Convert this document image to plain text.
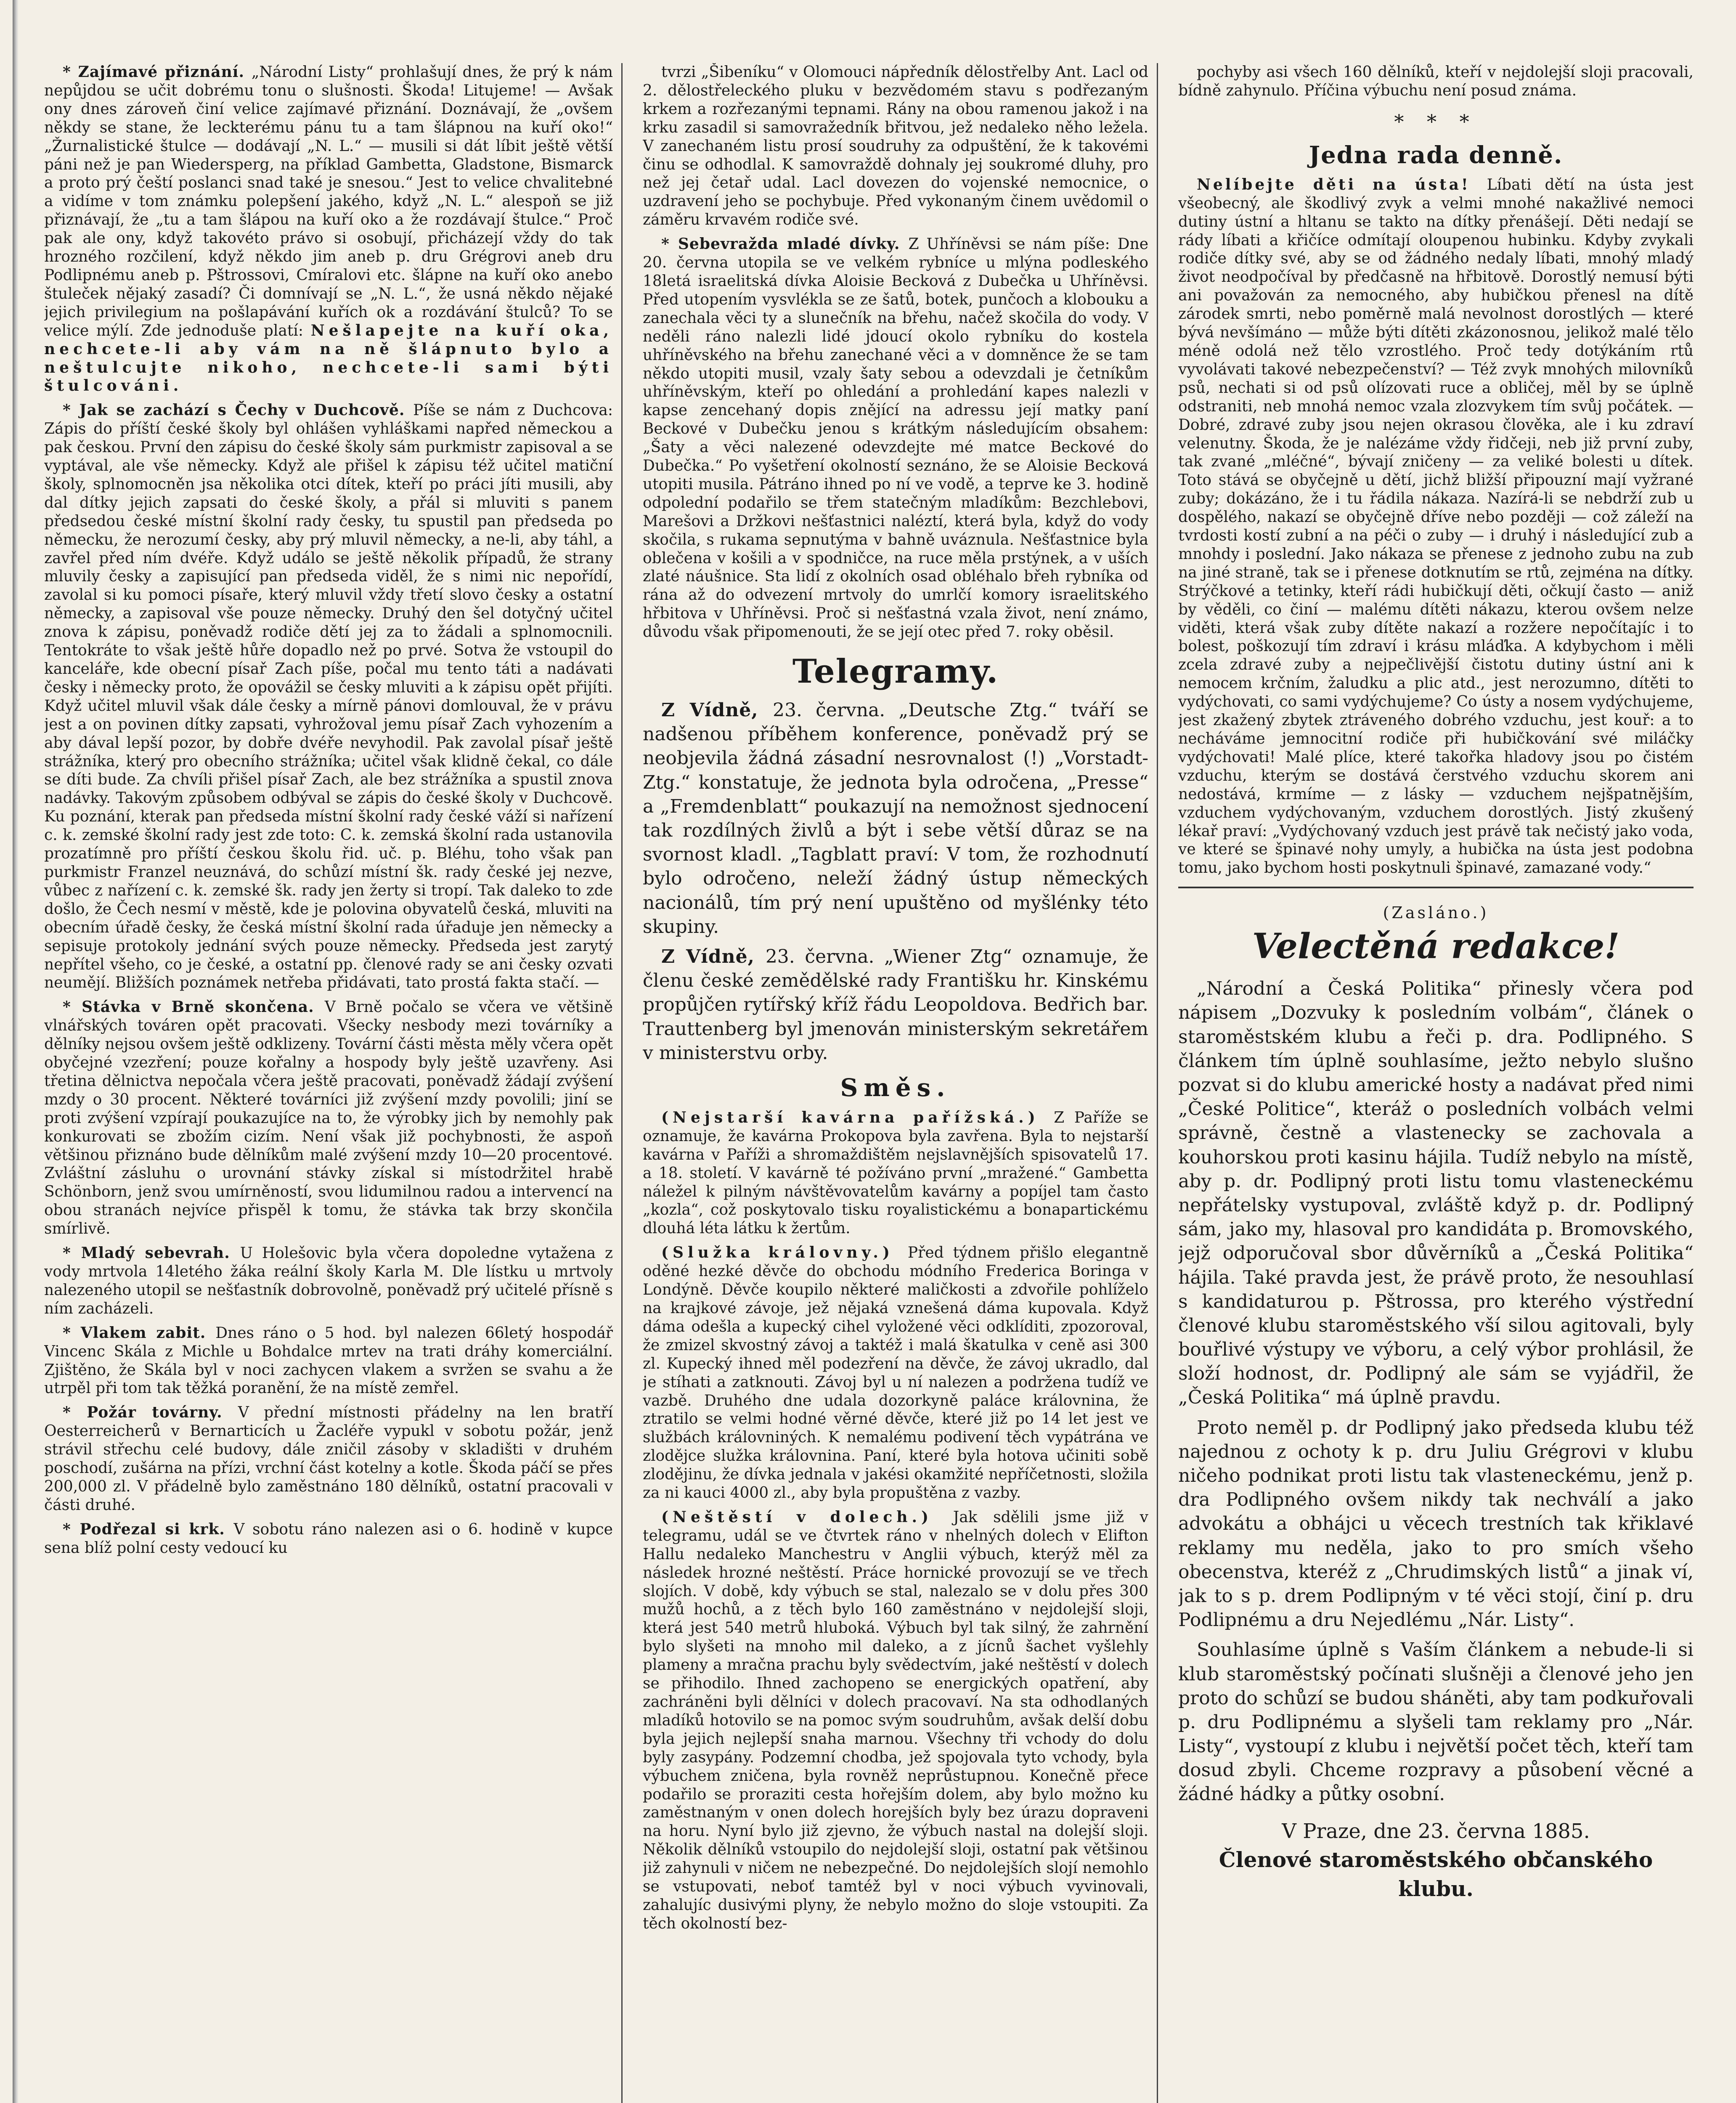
* Zajímavé přiznání. „Národní Listy“ prohlašují dnes, že prý k nám nepůjdou se učit dobrému tonu o slušnosti. Škoda! Litujeme! — Avšak ony dnes zároveň činí velice zajímavé přiznání. Doznávají, že „ovšem někdy se stane, že leckterému pánu tu a tam šlápnou na kuří oko!“ „Žurnalistické štulce — dodávají „N. L.“ — musili si dát líbit ještě větší páni než je pan Wiedersperg, na příklad Gambetta, Gladstone, Bismarck a proto prý čeští poslanci snad také je snesou.“ Jest to velice chvalitebné a vidíme v tom známku polepšení jakého, když „N. L.“ alespoň se již přiznávají, že „tu a tam šlápou na kuří oko a že rozdávají štulce.“ Proč pak ale ony, když takovéto právo si osobují, přicházejí vždy do tak hrozného rozčilení, když někdo jim aneb p. dru Grégrovi aneb dru Podlipnému aneb p. Pštrossovi, Cmíralovi etc. šlápne na kuří oko anebo štuleček nějaký zasadí? Či domnívají se „N. L.“, že usná někdo nějaké jejich privilegium na pošlapávání kuřích ok a rozdávání štulců? To se velice mýlí. Zde jednoduše platí: Nešlapejte na kuří oka, nechcete-li aby vám na ně šlápnuto bylo a neštulcujte nikoho, nechcete-li sami býti štulcováni.

* Jak se zachází s Čechy v Duchcově. Píše se nám z Duchcova: Zápis do příští české školy byl ohlášen vyhláškami napřed německou a pak českou. První den zápisu do české školy sám purkmistr zapisoval a se vyptával, ale vše německy. Když ale přišel k zápisu též učitel matiční školy, splnomocněn jsa několika otci dítek, kteří po práci jíti musili, aby dal dítky jejich zapsati do české školy, a přál si mluviti s panem předsedou české místní školní rady česky, tu spustil pan předseda po německu, že nerozumí česky, aby prý mluvil německy, a ne-li, aby táhl, a zavřel před ním dvéře. Když událo se ještě několik případů, že strany mluvily česky a zapisující pan předseda viděl, že s nimi nic nepořídí, zavolal si ku pomoci písaře, který mluvil vždy třetí slovo česky a ostatní německy, a zapisoval vše pouze německy. Druhý den šel dotyčný učitel znova k zápisu, poněvadž rodiče dětí jej za to žádali a splnomocnili. Tentokráte to však ještě hůře dopadlo než po prvé. Sotva že vstoupil do kanceláře, kde obecní písař Zach píše, počal mu tento táti a nadávati česky i německy proto, že opovážil se česky mluviti a k zápisu opět přijíti. Když učitel mluvil však dále česky a mírně pánovi domlouval, že v právu jest a on povinen dítky zapsati, vyhrožoval jemu písař Zach vyhozením a aby dával lepší pozor, by dobře dvéře nevyhodil. Pak zavolal písař ještě strážníka, který pro obecního strážníka; učitel však klidně čekal, co dále se díti bude. Za chvíli přišel písař Zach, ale bez strážníka a spustil znova nadávky. Takovým způsobem odbýval se zápis do české školy v Duchcově. Ku poznání, kterak pan předseda místní školní rady české váží si nařízení c. k. zemské školní rady jest zde toto: C. k. zemská školní rada ustanovila prozatímně pro příští českou školu řid. uč. p. Bléhu, toho však pan purkmistr Franzel neuznává, do schůzí místní šk. rady české jej nezve, vůbec z nařízení c. k. zemské šk. rady jen žerty si tropí. Tak daleko to zde došlo, že Čech nesmí v městě, kde je polovina obyvatelů česká, mluviti na obecním úřadě česky, že česká místní školní rada úřaduje jen německy a sepisuje protokoly jednání svých pouze německy. Předseda jest zarytý nepřítel všeho, co je české, a ostatní pp. členové rady se ani česky ozvati neumějí. Bližších poznámek netřeba přidávati, tato prostá fakta stačí. —

* Stávka v Brně skončena. V Brně počalo se včera ve většině vlnářských továren opět pracovati. Všecky nesbody mezi továrníky a dělníky nejsou ovšem ještě odklizeny. Tovární části města měly včera opět obyčejné vzezření; pouze kořalny a hospody byly ještě uzavřeny. Asi třetina dělnictva nepočala včera ještě pracovati, poněvadž žádají zvýšení mzdy o 30 procent. Některé továrníci již zvýšení mzdy povolili; jiní se proti zvýšení vzpírají poukazujíce na to, že výrobky jich by nemohly pak konkurovati se zbožím cizím. Není však již pochybnosti, že aspoň většinou přiznáno bude dělníkům malé zvýšení mzdy 10—20 procentové. Zvláštní zásluhu o urovnání stávky získal si místodržitel hrabě Schönborn, jenž svou umírněností, svou lidumilnou radou a intervencí na obou stranách nejvíce přispěl k tomu, že stávka tak brzy skončila smírlivě.

* Mladý sebevrah. U Holešovic byla včera dopoledne vytažena z vody mrtvola 14letého žáka reální školy Karla M. Dle lístku u mrtvoly nalezeného utopil se nešťastník dobrovolně, poněvadž prý učitelé přísně s ním zacházeli.

* Vlakem zabit. Dnes ráno o 5 hod. byl nalezen 66letý hospodář Vincenc Skála z Michle u Bohdalce mrtev na trati dráhy komerciální. Zjištěno, že Skála byl v noci zachycen vlakem a svržen se svahu a že utrpěl při tom tak těžká poranění, že na místě zemřel.

* Požár továrny. V přední místnosti přádelny na len bratří Oesterreicherů v Bernarticích u Žacléře vypukl v sobotu požár, jenž strávil střechu celé budovy, dále zničil zásoby v skladišti v druhém poschodí, zušárna na přízi, vrchní část kotelny a kotle. Škoda páčí se přes 200,000 zl. V přádelně bylo zaměstnáno 180 dělníků, ostatní pracovali v části druhé.

* Podřezal si krk. V sobotu ráno nalezen asi o 6. hodině v kupce sena blíž polní cesty vedoucí ku

tvrzi „Šibeníku“ v Olomouci nápředník dělostřelby Ant. Lacl od 2. dělostřeleckého pluku v bezvědomém stavu s podřezaným krkem a rozřezanými tepnami. Rány na obou ramenou jakož i na krku zasadil si samovražedník břitvou, jež nedaleko něho ležela. V zanechaném listu prosí soudruhy za odpuštění, že k takovémi činu se odhodlal. K samovraždě dohnaly jej soukromé dluhy, pro než jej četař udal. Lacl dovezen do vojenské nemocnice, o uzdravení jeho se pochybuje. Před vykonaným činem uvědomil o záměru krvavém rodiče své.

* Sebevražda mladé dívky. Z Uhříněvsi se nám píše: Dne 20. června utopila se ve velkém rybníce u mlýna podleského 18letá israelitská dívka Aloisie Becková z Dubečka u Uhříněvsi. Před utopením vysvlékla se ze šatů, botek, punčoch a klobouku a zanechala věci ty a slunečník na břehu, načež skočila do vody. V neděli ráno nalezli lidé jdoucí okolo rybníku do kostela uhříněvského na břehu zanechané věci a v domněnce že se tam někdo utopiti musil, vzaly šaty sebou a odevzdali je četníkům uhříněvským, kteří po ohledání a prohledání kapes nalezli v kapse zencehaný dopis znějící na adressu její matky paní Beckové v Dubečku jenou s krátkým následujícím obsahem: „Šaty a věci nalezené odevzdejte mé matce Beckové do Dubečka.“ Po vyšetření okolností seznáno, že se Aloisie Becková utopiti musila. Pátráno ihned po ní ve vodě, a teprve ke 3. hodině odpolední podařilo se třem statečným mladíkům: Bezchlebovi, Marešovi a Držkovi nešťastnici naléztí, která byla, když do vody skočila, s rukama sepnutýma v bahně uváznula. Nešťastnice byla oblečena v košili a v spodničce, na ruce měla prstýnek, a v uších zlaté náušnice. Sta lidí z okolních osad obléhalo břeh rybníka od rána až do odvezení mrtvoly do umrlčí komory israelitského hřbitova v Uhříněvsi. Proč si nešťastná vzala život, není známo, důvodu však připomenouti, že se její otec před 7. roky oběsil.

Telegramy.

Z Vídně, 23. června. „Deutsche Ztg.“ tváří se nadšenou příběhem konference, poněvadž prý se neobjevila žádná zásadní nesrovnalost (!) „Vorstadt-Ztg.“ konstatuje, že jednota byla odročena, „Presse“ a „Fremdenblatt“ poukazují na nemožnost sjednocení tak rozdílných živlů a být i sebe větší důraz se na svornost kladl. „Tagblatt praví: V tom, že rozhodnutí bylo odročeno, neleží žádný ústup německých nacionálů, tím prý není upuštěno od myšlénky této skupiny.

Z Vídně, 23. června. „Wiener Ztg“ oznamuje, že členu české zemědělské rady Františku hr. Kinskému propůjčen rytířský kříž řádu Leopoldova. Bedřich bar. Trauttenberg byl jmenován ministerským sekretářem v ministerstvu orby.

Směs.

(Nejstarší kavárna pařížská.) Z Paříže se oznamuje, že kavárna Prokopova byla zavřena. Byla to nejstarší kavárna v Paříži a shromaždištěm nejslavnějších spisovatelů 17. a 18. století. V kavárně té požíváno první „mražené.“ Gambetta náležel k pilným návštěvovatelům kavárny a popíjel tam často „kozla“, což poskytovalo tisku royalistickému a bonapartickému dlouhá léta látku k žertům.

(Služka královny.) Před týdnem přišlo elegantně oděné hezké děvče do obchodu módního Frederica Boringa v Londýně. Děvče koupilo některé maličkosti a zdvořile pohlíželo na krajkové závoje, jež nějaká vznešená dáma kupovala. Když dáma odešla a kupecký cihel vyložené věci odklíditi, zpozoroval, že zmizel skvostný závoj a taktéž i malá škatulka v ceně asi 300 zl. Kupecký ihned měl podezření na děvče, že závoj ukradlo, dal je stíhati a zatknouti. Závoj byl u ní nalezen a podržena tudíž ve vazbě. Druhého dne udala dozorkyně paláce královnina, že ztratilo se velmi hodné věrné děvče, které již po 14 let jest ve službách královniných. K nemalému podivení těch vypátrána ve zlodějce služka královnina. Paní, které byla hotova učiniti sobě zlodějinu, že dívka jednala v jakési okamžité nepříčetnosti, složila za ni kauci 4000 zl., aby byla propuštěna z vazby.

(Neštěstí v dolech.) Jak sdělili jsme již v telegramu, udál se ve čtvrtek ráno v nhelných dolech v Elifton Hallu nedaleko Manchestru v Anglii výbuch, kterýž měl za následek hrozné neštěstí. Práce hornické provozují se ve třech slojích. V době, kdy výbuch se stal, nalezalo se v dolu přes 300 mužů hochů, a z těch bylo 160 zaměstnáno v nejdolejší sloji, která jest 540 metrů hluboká. Výbuch byl tak silný, že zahrnění bylo slyšeti na mnoho mil daleko, a z jícnů šachet vyšlehly plameny a mračna prachu byly svědectvím, jaké neštěstí v dolech se přihodilo. Ihned zachopeno se energických opatření, aby zachráněni byli dělníci v dolech pracovaví. Na sta odhodlaných mladíků hotovilo se na pomoc svým soudruhům, avšak delší dobu byla jejich nejlepší snaha marnou. Všechny tři vchody do dolu byly zasypány. Podzemní chodba, jež spojovala tyto vchody, byla výbuchem zničena, byla rovněž neprůstupnou. Konečně přece podařilo se proraziti cesta hořejším dolem, aby bylo možno ku zaměstnaným v onen dolech horejších byly bez úrazu dopraveni na horu. Nyní bylo již zjevno, že výbuch nastal na dolejší sloji. Několik dělníků vstoupilo do nejdolejší sloji, ostatní pak většinou již zahynuli v ničem ne nebezpečné. Do nejdolejších slojí nemohlo se vstupovati, neboť tamtéž byl v noci výbuch vyvinovali, zahalujíc dusivými plyny, že nebylo možno do sloje vstoupiti. Za těch okolností bez-

pochyby asi všech 160 dělníků, kteří v nejdolejší sloji pracovali, bídně zahynulo. Příčina výbuchu není posud známa.

* * *
Jedna rada denně.

Nelíbejte děti na ústa! Líbati dětí na ústa jest všeobecný, ale škodlivý zvyk a velmi mnohé nakažlivé nemoci dutiny ústní a hltanu se takto na dítky přenášejí. Děti nedají se rády líbati a křičíce odmítají oloupenou hubinku. Kdyby zvykali rodiče dítky své, aby se od žádného nedaly líbati, mnohý mladý život neodpočíval by předčasně na hřbitově. Dorostlý nemusí býti ani považován za nemocného, aby hubičkou přenesl na dítě zárodek smrti, nebo poměrně malá nevolnost dorostlých — které bývá nevšímáno — může býti dítěti zkázonosnou, jelikož malé tělo méně odolá než tělo vzrostlého. Proč tedy dotýkáním rtů vyvolávati takové nebezpečenství? — Též zvyk mnohých milovníků psů, nechati si od psů olízovati ruce a obličej, měl by se úplně odstraniti, neb mnohá nemoc vzala zlozvykem tím svůj počátek. — Dobré, zdravé zuby jsou nejen okrasou člověka, ale i ku zdraví velenutny. Škoda, že je nalézáme vždy řidčeji, neb již první zuby, tak zvané „mléčné“, bývají zničeny — za veliké bolesti u dítek. Toto stává se obyčejně u dětí, jichž bližší připouzní mají vyžrané zuby; dokázáno, že i tu řádila nákaza. Nazírá-li se nebdrží zub u dospělého, nakazí se obyčejně dříve nebo později — což záleží na tvrdosti kostí zubní a na péči o zuby — i druhý i následující zub a mnohdy i poslední. Jako nákaza se přenese z jednoho zubu na zub na jiné straně, tak se i přenese dotknutím se rtů, zejména na dítky. Strýčkové a tetinky, kteří rádi hubičkují děti, očkují často — aniž by věděli, co činí — malému dítěti nákazu, kterou ovšem nelze viděti, která však zuby dítěte nakazí a rozžere nepočítajíc i to bolest, poškozují tím zdraví i krásu mláďka. A kdybychom i měli zcela zdravé zuby a nejpečlivější čistotu dutiny ústní ani k nemocem krčním, žaludku a plic atd., jest nerozumno, dítěti to vydýchovati, co sami vydýchujeme? Co ústy a nosem vydýchujeme, jest zkažený zbytek ztráveného dobrého vzduchu, jest kouř: a to necháváme jemnocitní rodiče při hubičkování své miláčky vydýchovati! Malé plíce, které takořka hladovy jsou po čistém vzduchu, kterým se dostává čerstvého vzduchu skorem ani nedostává, krmíme — z lásky — vzduchem nejšpatnějším, vzduchem vydýchovaným, vzduchem dorostlých. Jistý zkušený lékař praví: „Vydýchovaný vzduch jest právě tak nečistý jako voda, ve které se špinavé nohy umyly, a hubička na ústa jest podobna tomu, jako bychom hosti poskytnuli špinavé, zamazané vody.“

(Zasláno.)
Velectěná redakce!

„Národní a Česká Politika“ přinesly včera pod nápisem „Dozvuky k posledním volbám“, článek o staroměstském klubu a řeči p. dra. Podlipného. S článkem tím úplně souhlasíme, ježto nebylo slušno pozvat si do klubu americké hosty a nadávat před nimi „České Politice“, kteráž o posledních volbách velmi správně, čestně a vlastenecky se zachovala a kouhorskou proti kasinu hájila. Tudíž nebylo na místě, aby p. dr. Podlipný proti listu tomu vlasteneckému nepřátelsky vystupoval, zvláště když p. dr. Podlipný sám, jako my, hlasoval pro kandidáta p. Bromovského, jejž odporučoval sbor důvěrníků a „Česká Politika“ hájila. Také pravda jest, že právě proto, že nesouhlasí s kandidaturou p. Pštrossa, pro kterého výstřední členové klubu staroměstského vší silou agitovali, byly bouřlivé výstupy ve výboru, a celý výbor prohlásil, že složí hodnost, dr. Podlipný ale sám se vyjádřil, že „Česká Politika“ má úplně pravdu.

Proto neměl p. dr Podlipný jako předseda klubu též najednou z ochoty k p. dru Juliu Grégrovi v klubu ničeho podnikat proti listu tak vlasteneckému, jenž p. dra Podlipného ovšem nikdy tak nechválí a jako advokátu a obhájci u věcech trestních tak křiklavé reklamy mu neděla, jako to pro smích všeho obecenstva, kteréž z „Chrudimských listů“ a jinak ví, jak to s p. drem Podlipným v té věci stojí, činí p. dru Podlipnému a dru Nejedlému „Nár. Listy“.

Souhlasíme úplně s Vaším článkem a nebude-li si klub staroměstský počínati slušněji a členové jeho jen proto do schůzí se budou sháněti, aby tam podkuřovali p. dru Podlipnému a slyšeli tam reklamy pro „Nár. Listy“, vystoupí z klubu i největší počet těch, kteří tam dosud zbyli. Chceme rozpravy a působení věcné a žádné hádky a půtky osobní.

V Praze, dne 23. června 1885.

Členové staroměstského občanského

klubu.
